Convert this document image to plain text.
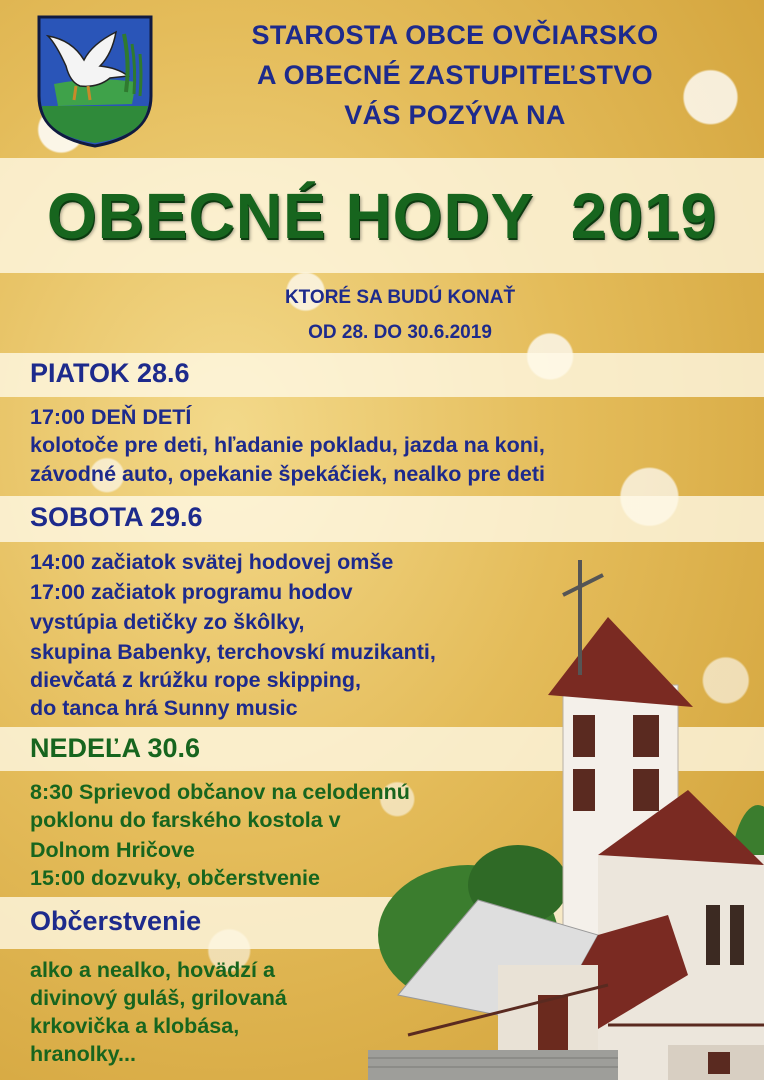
STAROSTA OBCE OVČIARSKO
A OBECNÉ ZASTUPITEĽSTVO
VÁS POZÝVA NA
OBECNÉ HODY  2019
KTORÉ SA BUDÚ KONAŤ
OD 28. DO 30.6.2019
PIATOK 28.6
17:00 DEŇ DETÍ
kolotoče pre deti, hľadanie pokladu, jazda na koni,
závodné auto, opekanie špekáčiek, nealko pre deti
SOBOTA 29.6
14:00 začiatok svätej hodovej omše
17:00 začiatok programu hodov
vystúpia detičky zo škôlky,
skupina Babenky, terchovskí muzikanti,
dievčatá z krúžku rope skipping,
do tanca hrá Sunny music
NEDEĽA 30.6
8:30 Sprievod občanov na celodennú
poklonu do farského kostola v
Dolnom Hričove
15:00 dozvuky, občerstvenie
Občerstvenie
alko a nealko, hovädzí a
divinový guláš, grilovaná
krkovička a klobása,
hranolky...
